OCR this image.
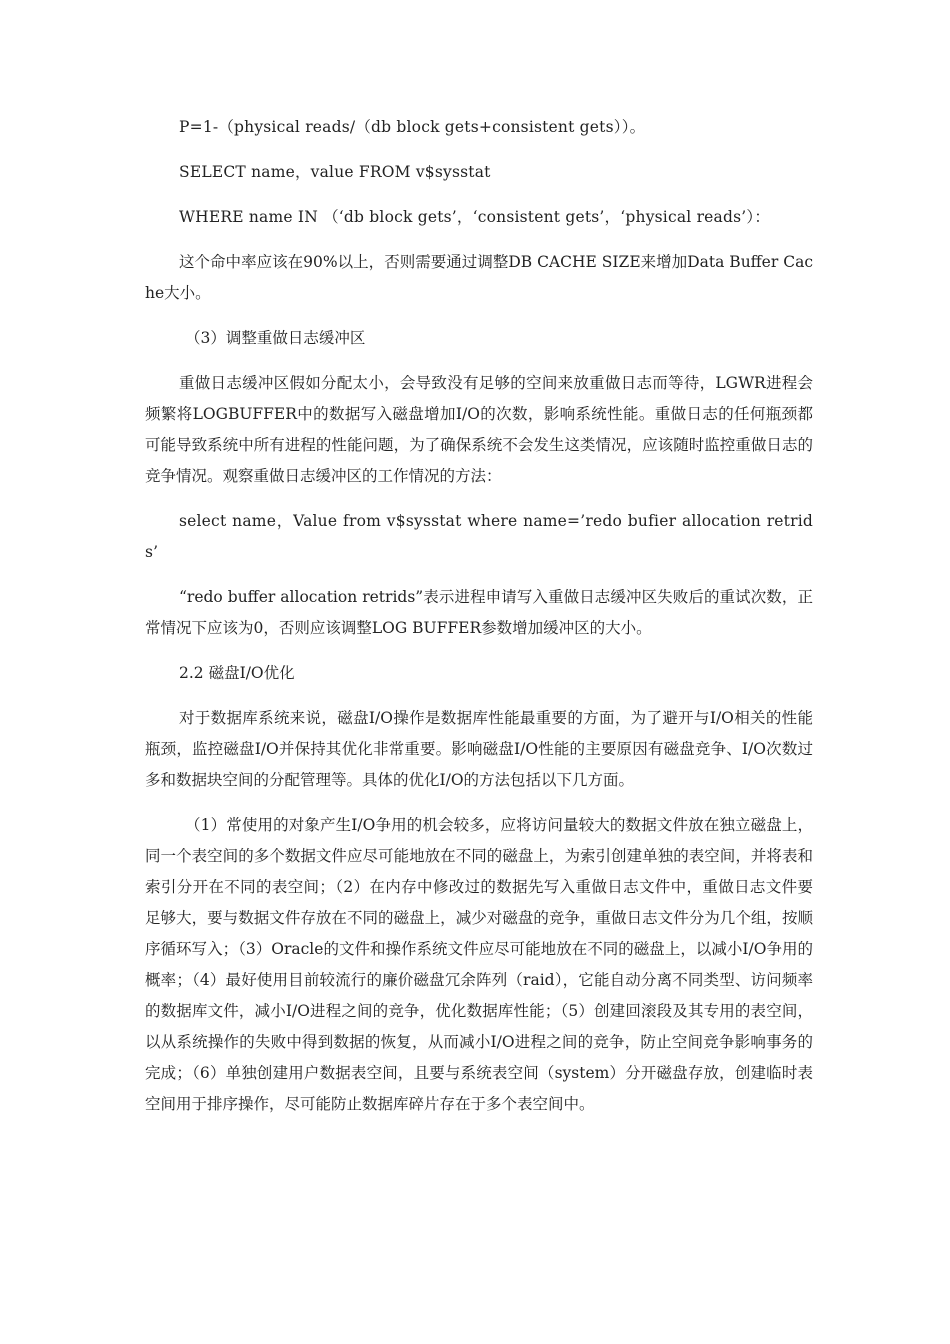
P=1-（physical reads/（db block gets+consistent gets））。

SELECT name，value FROM v$sysstat

WHERE name IN （‘db block gets’，‘consistent gets’，‘physical reads’）：

这个命中率应该在90%以上，否则需要通过调整DB CACHE SIZE来增加Data Buffer Cache大小。

（3）调整重做日志缓冲区

重做日志缓冲区假如分配太小，会导致没有足够的空间来放重做日志而等待，LGWR进程会频繁将LOGBUFFER中的数据写入磁盘增加I/O的次数，影响系统性能。重做日志的任何瓶颈都可能导致系统中所有进程的性能问题，为了确保系统不会发生这类情况，应该随时监控重做日志的竞争情况。观察重做日志缓冲区的工作情况的方法：

select name，Value from v$sysstat where name=’redo bufier allocation retrids’

“redo buffer allocation retrids”表示进程申请写入重做日志缓冲区失败后的重试次数，正常情况下应该为0，否则应该调整LOG BUFFER参数增加缓冲区的大小。

2.2 磁盘I/O优化

对于数据库系统来说，磁盘I/O操作是数据库性能最重要的方面，为了避开与I/O相关的性能瓶颈，监控磁盘I/O并保持其优化非常重要。影响磁盘I/O性能的主要原因有磁盘竞争、I/O次数过多和数据块空间的分配管理等。具体的优化I/O的方法包括以下几方面。

（1）常使用的对象产生I/O争用的机会较多，应将访问量较大的数据文件放在独立磁盘上，同一个表空间的多个数据文件应尽可能地放在不同的磁盘上，为索引创建单独的表空间，并将表和索引分开在不同的表空间；（2）在内存中修改过的数据先写入重做日志文件中，重做日志文件要足够大，要与数据文件存放在不同的磁盘上，减少对磁盘的竞争，重做日志文件分为几个组，按顺序循环写入；（3）Oracle的文件和操作系统文件应尽可能地放在不同的磁盘上，以减小I/O争用的概率；（4）最好使用目前较流行的廉价磁盘冗余阵列（raid），它能自动分离不同类型、访问频率的数据库文件，减小I/O进程之间的竞争，优化数据库性能；（5）创建回滚段及其专用的表空间，以从系统操作的失败中得到数据的恢复，从而减小I/O进程之间的竞争，防止空间竞争影响事务的完成；（6）单独创建用户数据表空间，且要与系统表空间（system）分开磁盘存放，创建临时表空间用于排序操作，尽可能防止数据库碎片存在于多个表空间中。
